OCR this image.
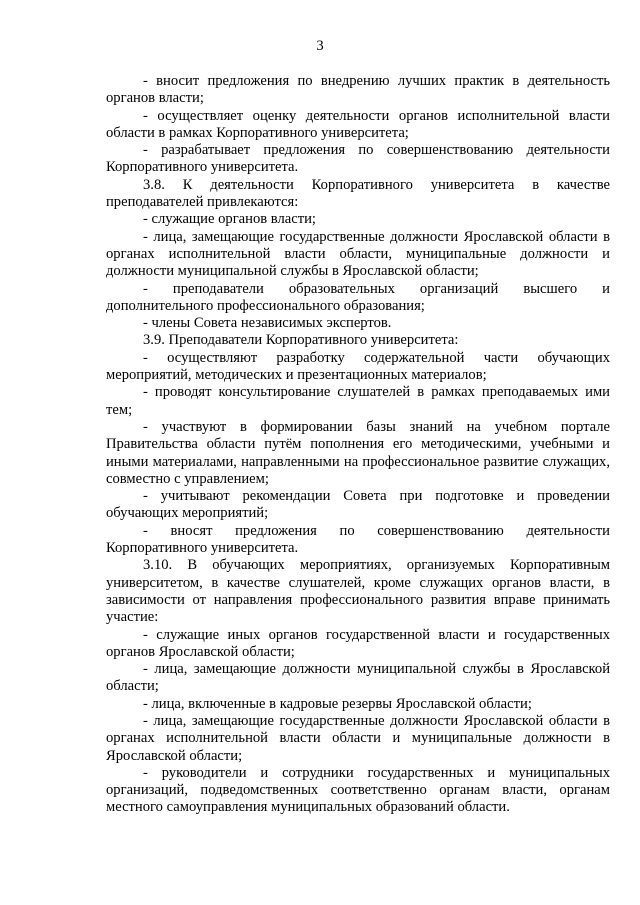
3

- вносит предложения по внедрению лучших практик в деятельность органов власти;

- осуществляет оценку деятельности органов исполнительной власти области в рамках Корпоративного университета;

- разрабатывает предложения по совершенствованию деятельности Корпоративного университета.

3.8. К деятельности Корпоративного университета в качестве преподавателей привлекаются:

- служащие органов власти;

- лица, замещающие государственные должности Ярославской области в органах исполнительной власти области, муниципальные должности и должности муниципальной службы в Ярославской области;

- преподаватели образовательных организаций высшего и дополнительного профессионального образования;

- члены Совета независимых экспертов.

3.9. Преподаватели Корпоративного университета:

- осуществляют разработку содержательной части обучающих мероприятий, методических и презентационных материалов;

- проводят консультирование слушателей в рамках преподаваемых ими тем;

- участвуют в формировании базы знаний на учебном портале Правительства области путём пополнения его методическими, учебными и иными материалами, направленными на профессиональное развитие служащих, совместно с управлением;

- учитывают рекомендации Совета при подготовке и проведении обучающих мероприятий;

- вносят предложения по совершенствованию деятельности Корпоративного университета.

3.10. В обучающих мероприятиях, организуемых Корпоративным университетом, в качестве слушателей, кроме служащих органов власти, в зависимости от направления профессионального развития вправе принимать участие:

- служащие иных органов государственной власти и государственных органов Ярославской области;

- лица, замещающие должности муниципальной службы в Ярославской области;

- лица, включенные в кадровые резервы Ярославской области;

- лица, замещающие государственные должности Ярославской области в органах исполнительной власти области и муниципальные должности в Ярославской области;

- руководители и сотрудники государственных и муниципальных организаций, подведомственных соответственно органам власти, органам местного самоуправления муниципальных образований области.
